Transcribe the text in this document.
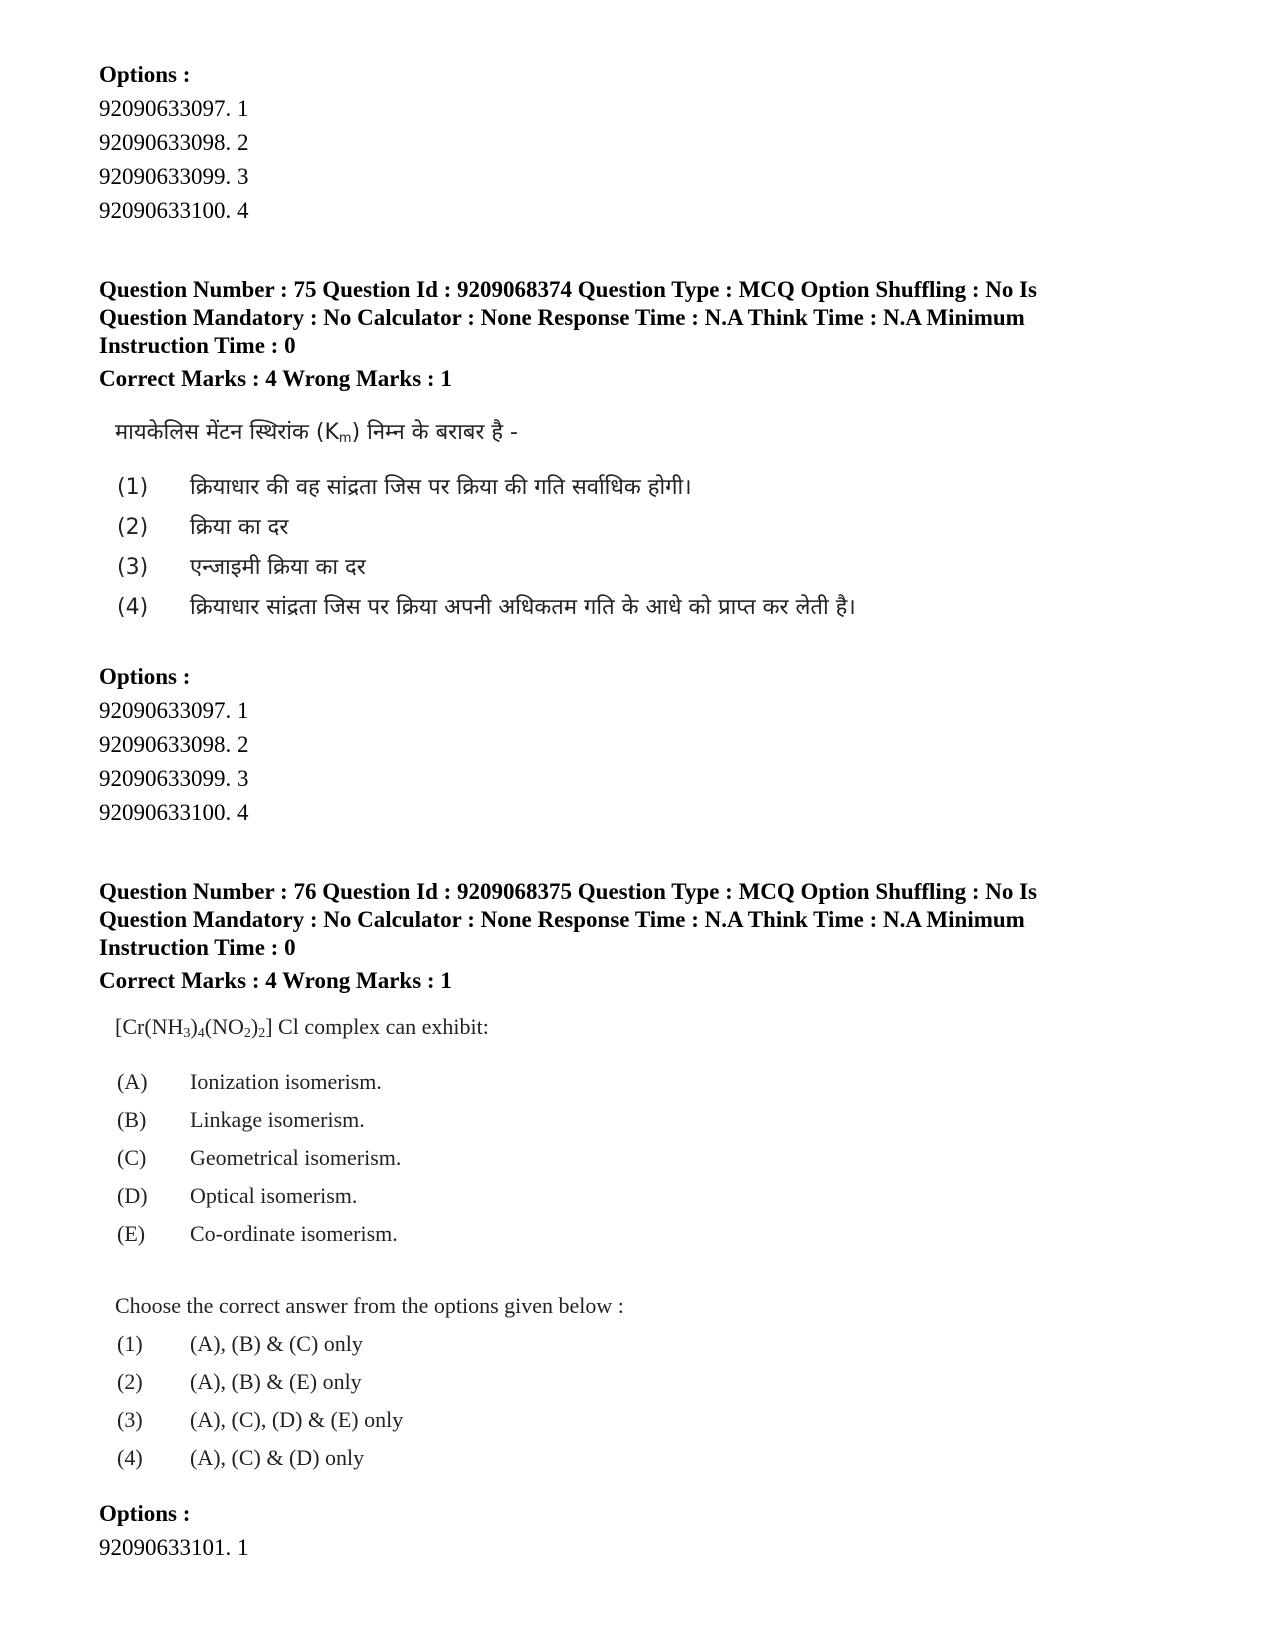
Options :
92090633097. 1
92090633098. 2
92090633099. 3
92090633100. 4
Question Number : 75 Question Id : 9209068374 Question Type : MCQ Option Shuffling : No Is
Question Mandatory : No Calculator : None Response Time : N.A Think Time : N.A Minimum
Instruction Time : 0
Correct Marks : 4 Wrong Marks : 1
मायकेलिस मेंटन स्थिरांक (Km) निम्न के बराबर है -
(1)	क्रियाधार की वह सांद्रता जिस पर क्रिया की गति सर्वाधिक होगी।
(2)	क्रिया का दर
(3)	एन्जाइमी क्रिया का दर
(4)	क्रियाधार सांद्रता जिस पर क्रिया अपनी अधिकतम गति के आधे को प्राप्त कर लेती है।
Options :
92090633097. 1
92090633098. 2
92090633099. 3
92090633100. 4
Question Number : 76 Question Id : 9209068375 Question Type : MCQ Option Shuffling : No Is
Question Mandatory : No Calculator : None Response Time : N.A Think Time : N.A Minimum
Instruction Time : 0
Correct Marks : 4 Wrong Marks : 1
$[Cr(NH_3)_4(NO_2)_2]$ Cl complex can exhibit:
(A)	Ionization isomerism.
(B)	Linkage isomerism.
(C)	Geometrical isomerism.
(D)	Optical isomerism.
(E)	Co-ordinate isomerism.
Choose the correct answer from the options given below :
(1)	(A), (B) & (C) only
(2)	(A), (B) & (E) only
(3)	(A), (C), (D) & (E) only
(4)	(A), (C) & (D) only
Options :
92090633101. 1
